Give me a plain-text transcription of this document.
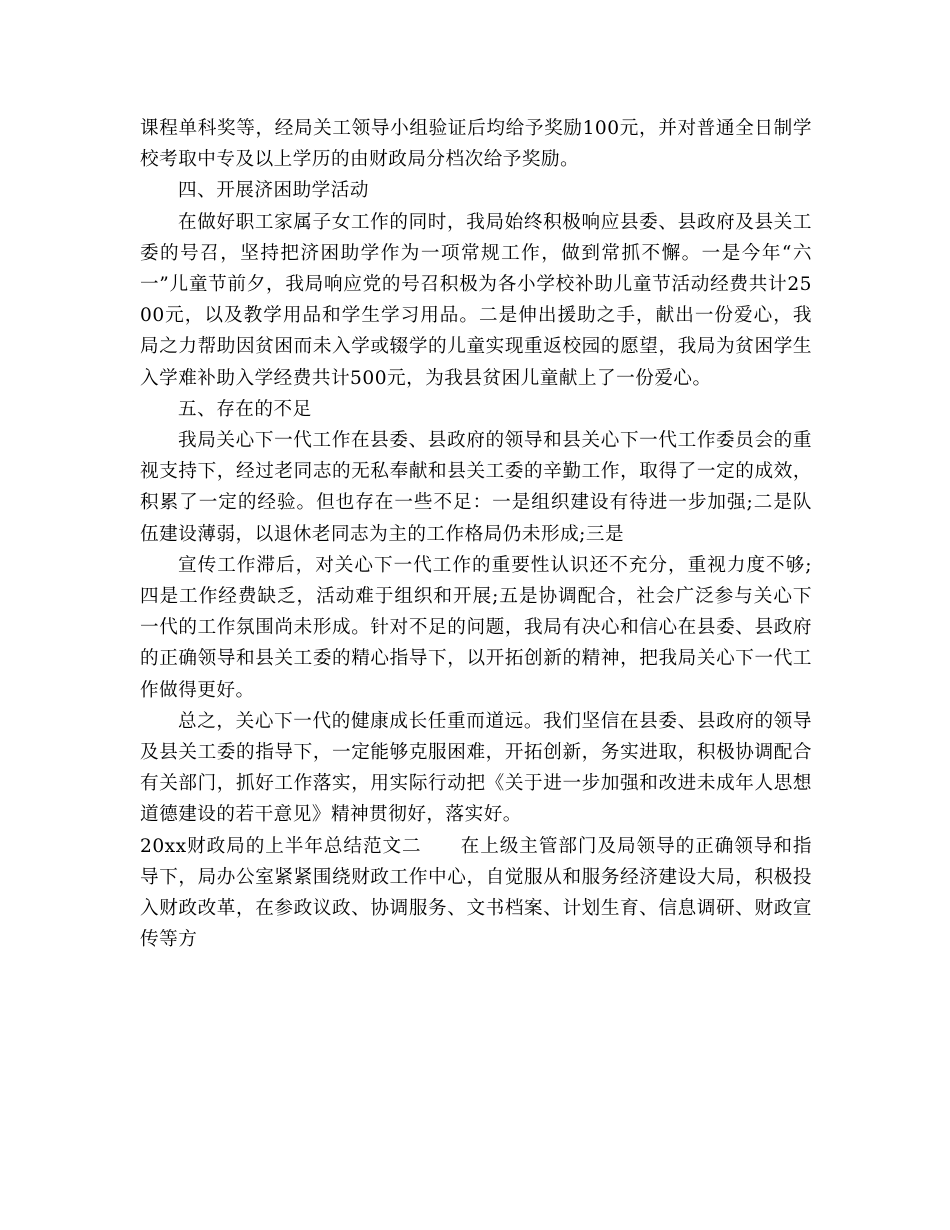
课程单科奖等，经局关工领导小组验证后均给予奖励100元，并对普通全日制学校考取中专及以上学历的由财政局分档次给予奖励。

四、开展济困助学活动

在做好职工家属子女工作的同时，我局始终积极响应县委、县政府及县关工委的号召，坚持把济困助学作为一项常规工作，做到常抓不懈。一是今年“六一”儿童节前夕，我局响应党的号召积极为各小学校补助儿童节活动经费共计2500元，以及教学用品和学生学习用品。二是伸出援助之手，献出一份爱心，我局之力帮助因贫困而未入学或辍学的儿童实现重返校园的愿望，我局为贫困学生入学难补助入学经费共计500元，为我县贫困儿童献上了一份爱心。

五、存在的不足

我局关心下一代工作在县委、县政府的领导和县关心下一代工作委员会的重视支持下，经过老同志的无私奉献和县关工委的辛勤工作，取得了一定的成效，积累了一定的经验。但也存在一些不足：一是组织建设有待进一步加强;二是队伍建设薄弱，以退休老同志为主的工作格局仍未形成;三是

宣传工作滞后，对关心下一代工作的重要性认识还不充分，重视力度不够;四是工作经费缺乏，活动难于组织和开展;五是协调配合，社会广泛参与关心下一代的工作氛围尚未形成。针对不足的问题，我局有决心和信心在县委、县政府的正确领导和县关工委的精心指导下，以开拓创新的精神，把我局关心下一代工作做得更好。

总之，关心下一代的健康成长任重而道远。我们坚信在县委、县政府的领导及县关工委的指导下，一定能够克服困难，开拓创新，务实进取，积极协调配合有关部门，抓好工作落实，用实际行动把《关于进一步加强和改进未成年人思想道德建设的若干意见》精神贯彻好，落实好。

20xx财政局的上半年总结范文二　　在上级主管部门及局领导的正确领导和指导下，局办公室紧紧围绕财政工作中心，自觉服从和服务经济建设大局，积极投入财政改革，在参政议政、协调服务、文书档案、计划生育、信息调研、财政宣传等方
